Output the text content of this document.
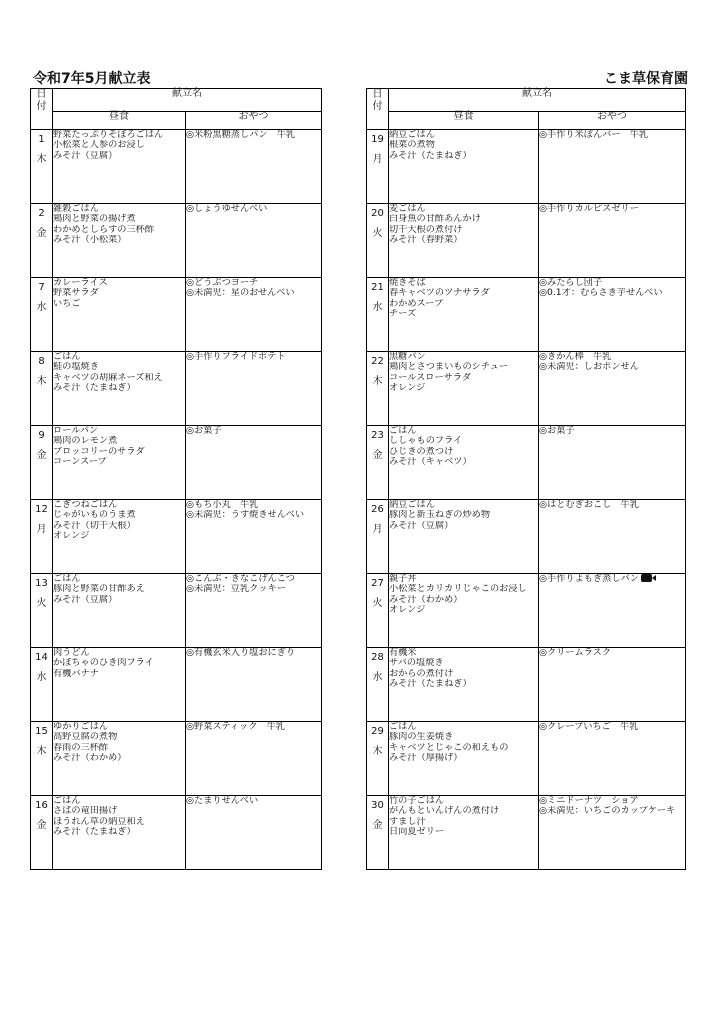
令和7年5月献立表	こま草保育園
日付	献立名	
	昼食	おやつ

1
木	野菜たっぷりそぼろごはん
小松菜と人参のお浸し
みそ汁（豆腐）	◎米粉黒糖蒸しパン　牛乳

2
金	雑穀ごはん
鶏肉と野菜の揚げ煮
わかめとしらすの三杯酢
みそ汁（小松菜）	◎しょうゆせんべい

7
水	カレーライス
野菜サラダ
いちご	◎どうぶつヨーチ
◎未満児：星のおせんべい

8
木	ごはん
鮭の塩焼き
キャベツの胡麻ネーズ和え
みそ汁（たまねぎ）	◎手作りフライドポテト

9
金	ロールパン
鶏肉のレモン煮
ブロッコリーのサラダ
コーンスープ	◎お菓子

12
月	こぎつねごはん
じゃがいものうま煮
みそ汁（切干大根）
オレンジ	◎もち小丸　牛乳
◎未満児：うす焼きせんべい

13
火	ごはん
豚肉と野菜の甘酢あえ
みそ汁（豆腐）	◎こんぶ・きなこげんこつ
◎未満児：豆乳クッキー

14
水	肉うどん
かぼちゃのひき肉フライ
有機バナナ	◎有機玄米入り塩おにぎり

15
木	ゆかりごはん
高野豆腐の煮物
春雨の三杯酢
みそ汁（わかめ）	◎野菜スティック　牛乳

16
金	ごはん
さばの竜田揚げ
ほうれん草の納豆和え
みそ汁（たまねぎ）	◎たまりせんべい
日付	献立名	
	昼食	おやつ

19
月	納豆ごはん
根菜の煮物
みそ汁（たまねぎ）	◎手作り米ぽんバー　牛乳

20
火	麦ごはん
白身魚の甘酢あんかけ
切干大根の煮付け
みそ汁（春野菜）	◎手作りカルピスゼリー

21
水	焼きそば
春キャベツのツナサラダ
わかめスープ
チーズ	◎みたらし団子
◎0.1才：むらさき芋せんべい

22
木	黒糖パン
鶏肉とさつまいものシチュー
コールスローサラダ
オレンジ	◎きかん棒　牛乳
◎未満児：しおポンせん

23
金	ごはん
ししゃものフライ
ひじきの煮つけ
みそ汁（キャベツ）	◎お菓子

26
月	納豆ごはん
豚肉と新玉ねぎの炒め物
みそ汁（豆腐）	◎はとむぎおこし　牛乳

27
火	親子丼
小松菜とカリカリじゃこのお浸し
みそ汁（わかめ）
オレンジ	◎手作りよもぎ蒸しパン

28
水	有機米
サバの塩焼き
おからの煮付け
みそ汁（たまねぎ）	◎クリームラスク

29
木	ごはん
豚肉の生姜焼き
キャベツとじゃこの和えもの
みそ汁（厚揚げ）	◎クレープいちご　牛乳

30
金	竹の子ごはん
がんもといんげんの煮付け
すまし汁
日向夏ゼリー	◎ミニドーナツ　ショア
◎未満児：いちごのカップケーキ
